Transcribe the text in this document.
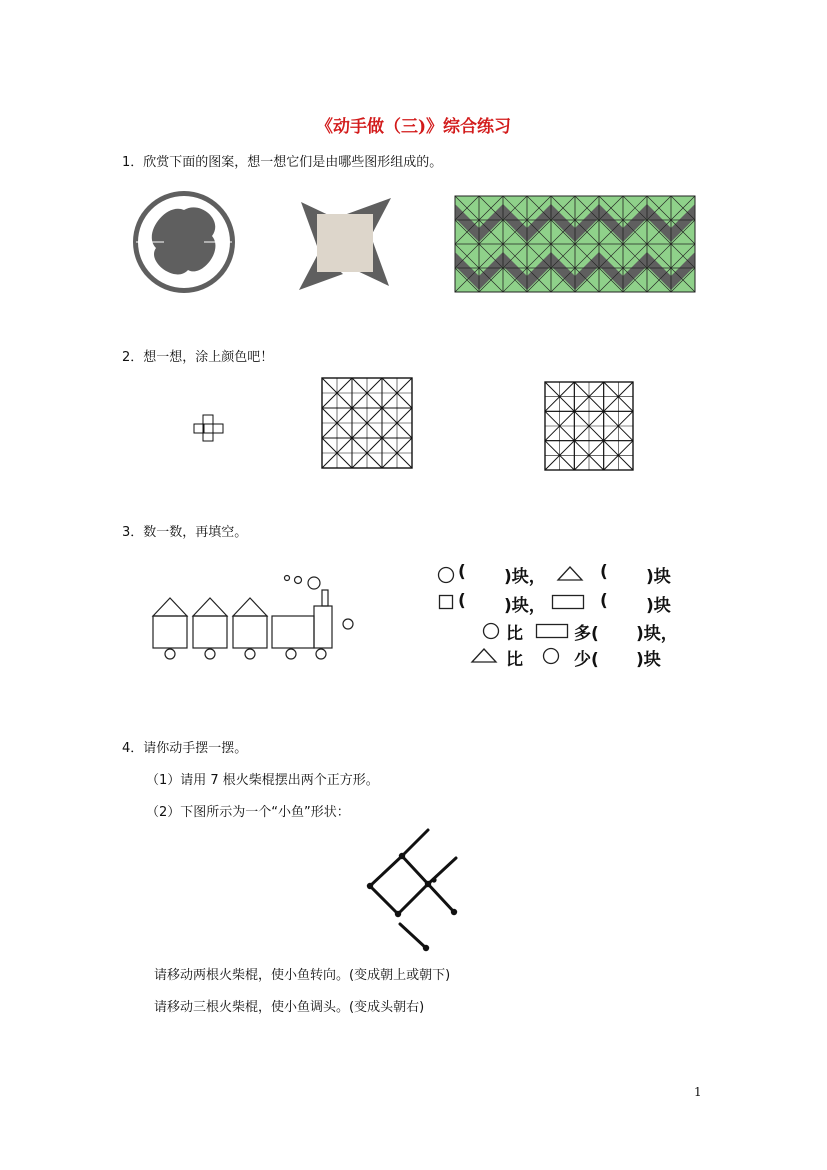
《动手做（三)》综合练习
1．欣赏下面的图案，想一想它们是由哪些图形组成的。
2．想一想，涂上颜色吧！
3．数一数，再填空。
( )块，	( )块
( )块，	( )块
比	多( )块，
比	少( )块
4．请你动手摆一摆。
（1）请用 7 根火柴棍摆出两个正方形。
（2）下图所示为一个“小鱼”形状：
请移动两根火柴棍，使小鱼转向。(变成朝上或朝下)
请移动三根火柴棍，使小鱼调头。(变成头朝右)
1
